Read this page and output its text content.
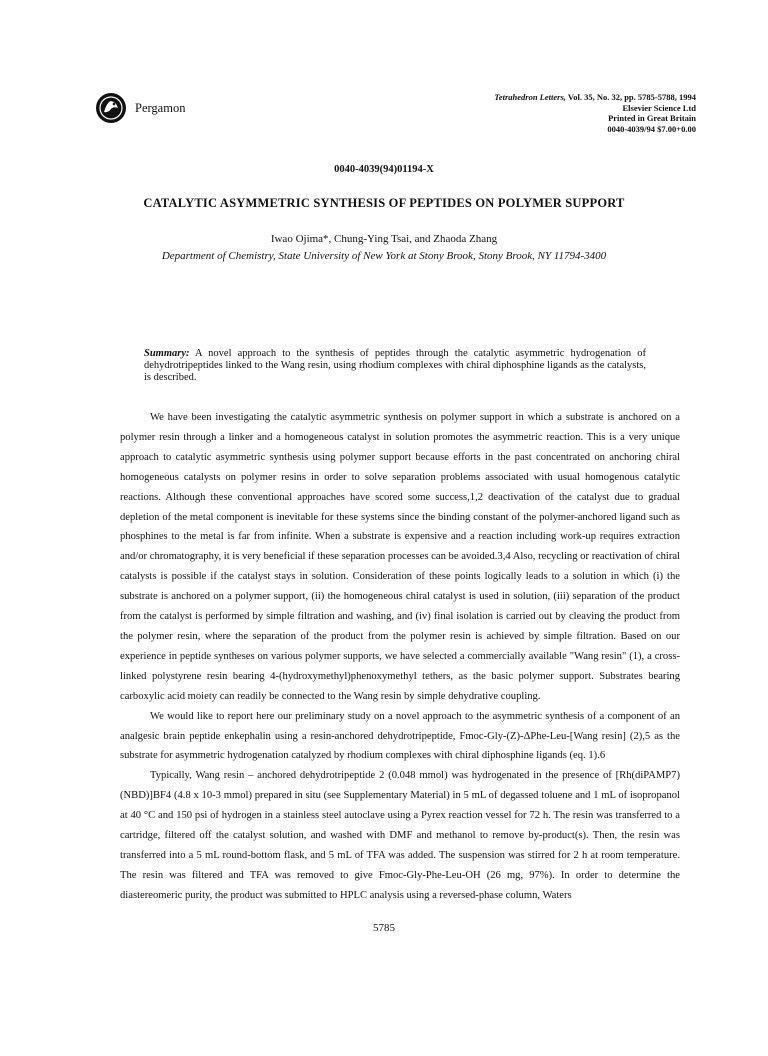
Pergamon
Tetrahedron Letters, Vol. 35, No. 32, pp. 5785-5788, 1994
Elsevier Science Ltd
Printed in Great Britain
0040-4039/94 $7.00+0.00
0040-4039(94)01194-X
CATALYTIC ASYMMETRIC SYNTHESIS OF PEPTIDES ON POLYMER SUPPORT
Iwao Ojima*, Chung-Ying Tsai, and Zhaoda Zhang
Department of Chemistry, State University of New York at Stony Brook, Stony Brook, NY 11794-3400
Summary: A novel approach to the synthesis of peptides through the catalytic asymmetric hydrogenation of dehydrotripeptides linked to the Wang resin, using rhodium complexes with chiral diphosphine ligands as the catalysts, is described.

We have been investigating the catalytic asymmetric synthesis on polymer support in which a substrate is anchored on a polymer resin through a linker and a homogeneous catalyst in solution promotes the asymmetric reaction. This is a very unique approach to catalytic asymmetric synthesis using polymer support because efforts in the past concentrated on anchoring chiral homogeneous catalysts on polymer resins in order to solve separation problems associated with usual homogenous catalytic reactions. Although these conventional approaches have scored some success,1,2 deactivation of the catalyst due to gradual depletion of the metal component is inevitable for these systems since the binding constant of the polymer-anchored ligand such as phosphines to the metal is far from infinite. When a substrate is expensive and a reaction including work-up requires extraction and/or chromatography, it is very beneficial if these separation processes can be avoided.3,4 Also, recycling or reactivation of chiral catalysts is possible if the catalyst stays in solution. Consideration of these points logically leads to a solution in which (i) the substrate is anchored on a polymer support, (ii) the homogeneous chiral catalyst is used in solution, (iii) separation of the product from the catalyst is performed by simple filtration and washing, and (iv) final isolation is carried out by cleaving the product from the polymer resin, where the separation of the product from the polymer resin is achieved by simple filtration. Based on our experience in peptide syntheses on various polymer supports, we have selected a commercially available "Wang resin" (1), a cross-linked polystyrene resin bearing 4-(hydroxymethyl)phenoxymethyl tethers, as the basic polymer support. Substrates bearing carboxylic acid moiety can readily be connected to the Wang resin by simple dehydrative coupling.

We would like to report here our preliminary study on a novel approach to the asymmetric synthesis of a component of an analgesic brain peptide enkephalin using a resin-anchored dehydrotripeptide, Fmoc-Gly-(Z)-ΔPhe-Leu-[Wang resin] (2),5 as the substrate for asymmetric hydrogenation catalyzed by rhodium complexes with chiral diphosphine ligands (eq. 1).6

Typically, Wang resin – anchored dehydrotripeptide 2 (0.048 mmol) was hydrogenated in the presence of [Rh(diPAMP7)(NBD)]BF4 (4.8 x 10-3 mmol) prepared in situ (see Supplementary Material) in 5 mL of degassed toluene and 1 mL of isopropanol at 40 °C and 150 psi of hydrogen in a stainless steel autoclave using a Pyrex reaction vessel for 72 h. The resin was transferred to a cartridge, filtered off the catalyst solution, and washed with DMF and methanol to remove by-product(s). Then, the resin was transferred into a 5 mL round-bottom flask, and 5 mL of TFA was added. The suspension was stirred for 2 h at room temperature. The resin was filtered and TFA was removed to give Fmoc-Gly-Phe-Leu-OH (26 mg, 97%). In order to determine the diastereomeric purity, the product was submitted to HPLC analysis using a reversed-phase column, Waters

5785
